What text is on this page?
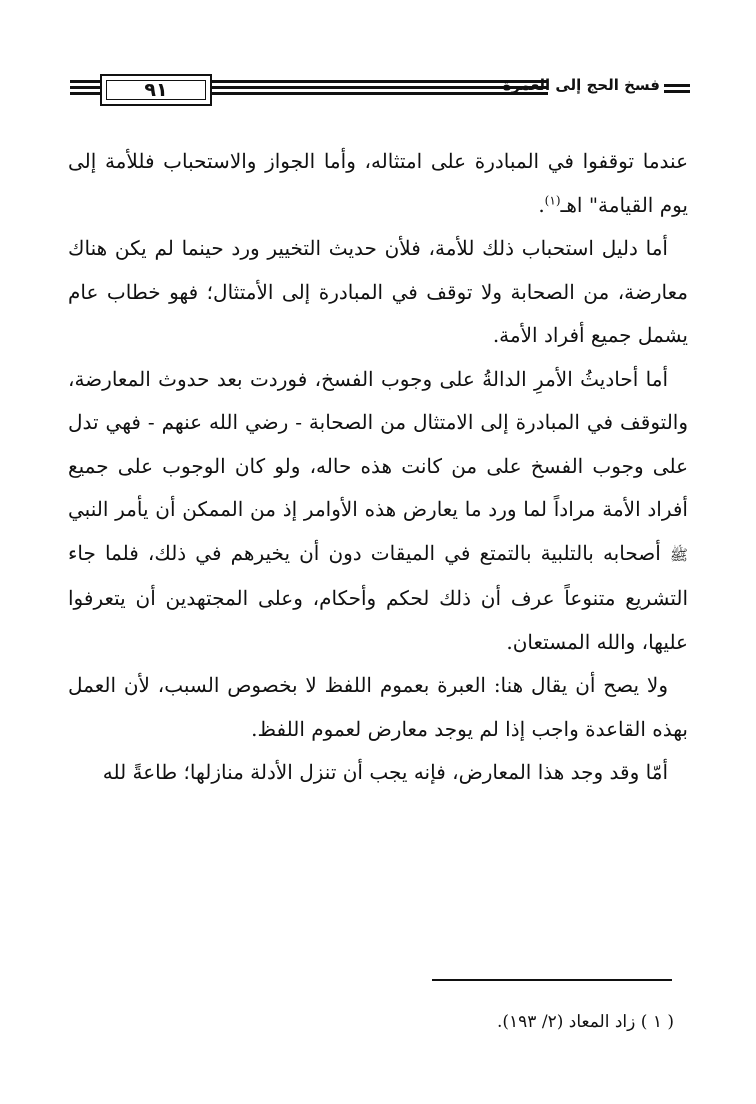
٩١	فسخ الحج إلى العمرة

عندما توقفوا في المبادرة على امتثاله، وأما الجواز والاستحباب فللأمة إلى يوم القيامة" اهـ$^{(١)}$.

أما دليل استحباب ذلك للأمة، فلأن حديث التخيير ورد حينما لم يكن هناك معارضة، من الصحابة ولا توقف في المبادرة إلى الأمتثال؛ فهو خطاب عام يشمل جميع أفراد الأمة.

أما أحاديثُ الأمرِ الدالةُ على وجوب الفسخ، فوردت بعد حدوث المعارضة، والتوقف في المبادرة إلى الامتثال من الصحابة - رضي الله عنهم - فهي تدل على وجوب الفسخ على من كانت هذه حاله، ولو كان الوجوب على جميع أفراد الأمة مراداً لما ورد ما يعارض هذه الأوامر إذ من الممكن أن يأمر النبي ﷺ أصحابه بالتلبية بالتمتع في الميقات دون أن يخيرهم في ذلك، فلما جاء التشريع متنوعاً عرف أن ذلك لحكم وأحكام، وعلى المجتهدين أن يتعرفوا عليها، والله المستعان.

ولا يصح أن يقال هنا: العبرة بعموم اللفظ لا بخصوص السبب، لأن العمل بهذه القاعدة واجب إذا لم يوجد معارض لعموم اللفظ.

أمّا وقد وجد هذا المعارض، فإنه يجب أن تنزل الأدلة منازلها؛ طاعةً لله

( ١ ) زاد المعاد (٢/ ١٩٣).
